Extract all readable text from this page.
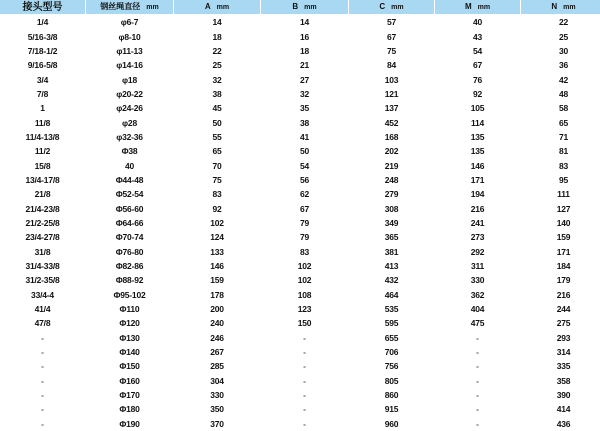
接头型号	钢丝绳直径 mm	A mm	B mm	C mm	M mm	N mm
1/4	φ6-7	14	14	57	40	22
5/16-3/8	φ8-10	18	16	67	43	25
7/18-1/2	φ11-13	22	18	75	54	30
9/16-5/8	φ14-16	25	21	84	67	36
3/4	φ18	32	27	103	76	42
7/8	φ20-22	38	32	121	92	48
1	φ24-26	45	35	137	105	58
11/8	φ28	50	38	452	114	65
11/4-13/8	φ32-36	55	41	168	135	71
11/2	Φ38	65	50	202	135	81
15/8	40	70	54	219	146	83
13/4-17/8	Φ44-48	75	56	248	171	95
21/8	Φ52-54	83	62	279	194	111
21/4-23/8	Φ56-60	92	67	308	216	127
21/2-25/8	Φ64-66	102	79	349	241	140
23/4-27/8	Φ70-74	124	79	365	273	159
31/8	Φ76-80	133	83	381	292	171
31/4-33/8	Φ82-86	146	102	413	311	184
31/2-35/8	Φ88-92	159	102	432	330	179
33/4-4	Φ95-102	178	108	464	362	216
41/4	Φ110	200	123	535	404	244
47/8	Φ120	240	150	595	475	275
-	Φ130	246	-	655	-	293
-	Φ140	267	-	706	-	314
-	Φ150	285	-	756	-	335
-	Φ160	304	-	805	-	358
-	Φ170	330	-	860	-	390
-	Φ180	350	-	915	-	414
-	Φ190	370	-	960	-	436
